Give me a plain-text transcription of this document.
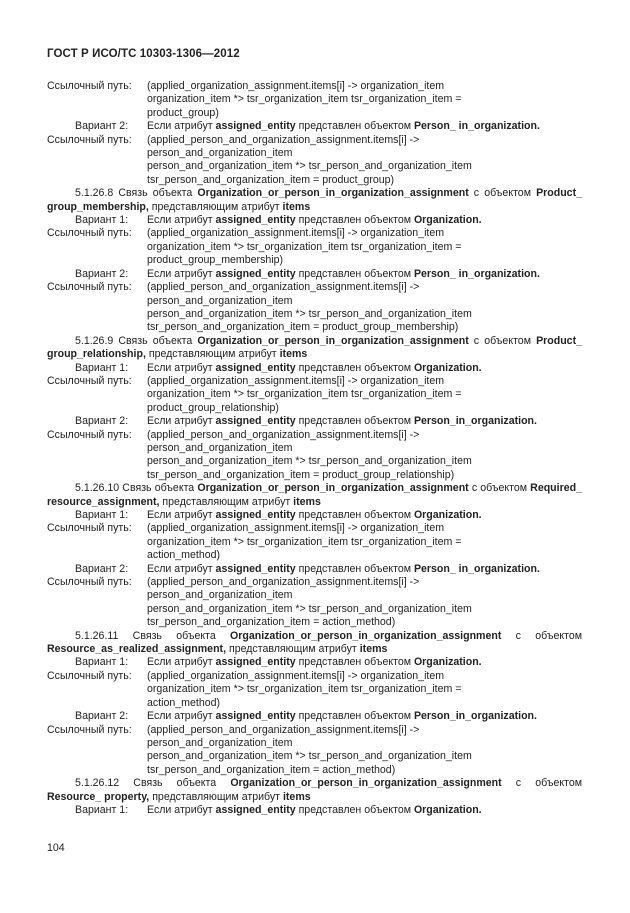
ГОСТ Р ИСО/ТС 10303-1306—2012
Ссылочный путь:	(applied_organization_assignment.items[i] -> organization_item
organization_item *> tsr_organization_item tsr_organization_item =
product_group)
Вариант 2:	Если атрибут assigned_entity представлен объектом Person_ in_organization.
Ссылочный путь:	(applied_person_and_organization_assignment.items[i] ->
person_and_organization_item
person_and_organization_item *> tsr_person_and_organization_item
tsr_person_and_organization_item = product_group)
5.1.26.8 Связь объекта Organization_or_person_in_organization_assignment с объектом Product_ group_membership, представляющим атрибут items
Вариант 1:	Если атрибут assigned_entity представлен объектом Organization.
Ссылочный путь:	(applied_organization_assignment.items[i] -> organization_item
organization_item *> tsr_organization_item tsr_organization_item =
product_group_membership)
Вариант 2:	Если атрибут assigned_entity представлен объектом Person_ in_organization.
Ссылочный путь:	(applied_person_and_organization_assignment.items[i] ->
person_and_organization_item
person_and_organization_item *> tsr_person_and_organization_item
tsr_person_and_organization_item = product_group_membership)
5.1.26.9 Связь объекта Organization_or_person_in_organization_assignment с объектом Product_ group_relationship, представляющим атрибут items
Вариант 1:	Если атрибут assigned_entity представлен объектом Organization.
Ссылочный путь:	(applied_organization_assignment.items[i] -> organization_item
organization_item *> tsr_organization_item tsr_organization_item =
product_group_relationship)
Вариант 2:	Если атрибут assigned_entity представлен объектом Person_in_organization.
Ссылочный путь:	(applied_person_and_organization_assignment.items[i] ->
person_and_organization_item
person_and_organization_item *> tsr_person_and_organization_item
tsr_person_and_organization_item = product_group_relationship)
5.1.26.10 Связь объекта Organization_or_person_in_organization_assignment с объектом Required_ resource_assignment, представляющим атрибут items
Вариант 1:	Если атрибут assigned_entity представлен объектом Organization.
Ссылочный путь:	(applied_organization_assignment.items[i] -> organization_item
organization_item *> tsr_organization_item tsr_organization_item =
action_method)
Вариант 2:	Если атрибут assigned_entity представлен объектом Person_ in_organization.
Ссылочный путь:	(applied_person_and_organization_assignment.items[i] ->
person_and_organization_item
person_and_organization_item *> tsr_person_and_organization_item
tsr_person_and_organization_item = action_method)
5.1.26.11 Связь объекта Organization_or_person_in_organization_assignment с объектом Resource_as_realized_assignment, представляющим атрибут items
Вариант 1:	Если атрибут assigned_entity представлен объектом Organization.
Ссылочный путь:	(applied_organization_assignment.items[i] -> organization_item
organization_item *> tsr_organization_item tsr_organization_item =
action_method)
Вариант 2:	Если атрибут assigned_entity представлен объектом Person_in_organization.
Ссылочный путь:	(applied_person_and_organization_assignment.items[i] ->
person_and_organization_item
person_and_organization_item *> tsr_person_and_organization_item
tsr_person_and_organization_item = action_method)
5.1.26.12 Связь объекта Organization_or_person_in_organization_assignment с объектом Resource_ property, представляющим атрибут items
Вариант 1:	Если атрибут assigned_entity представлен объектом Organization.
104
